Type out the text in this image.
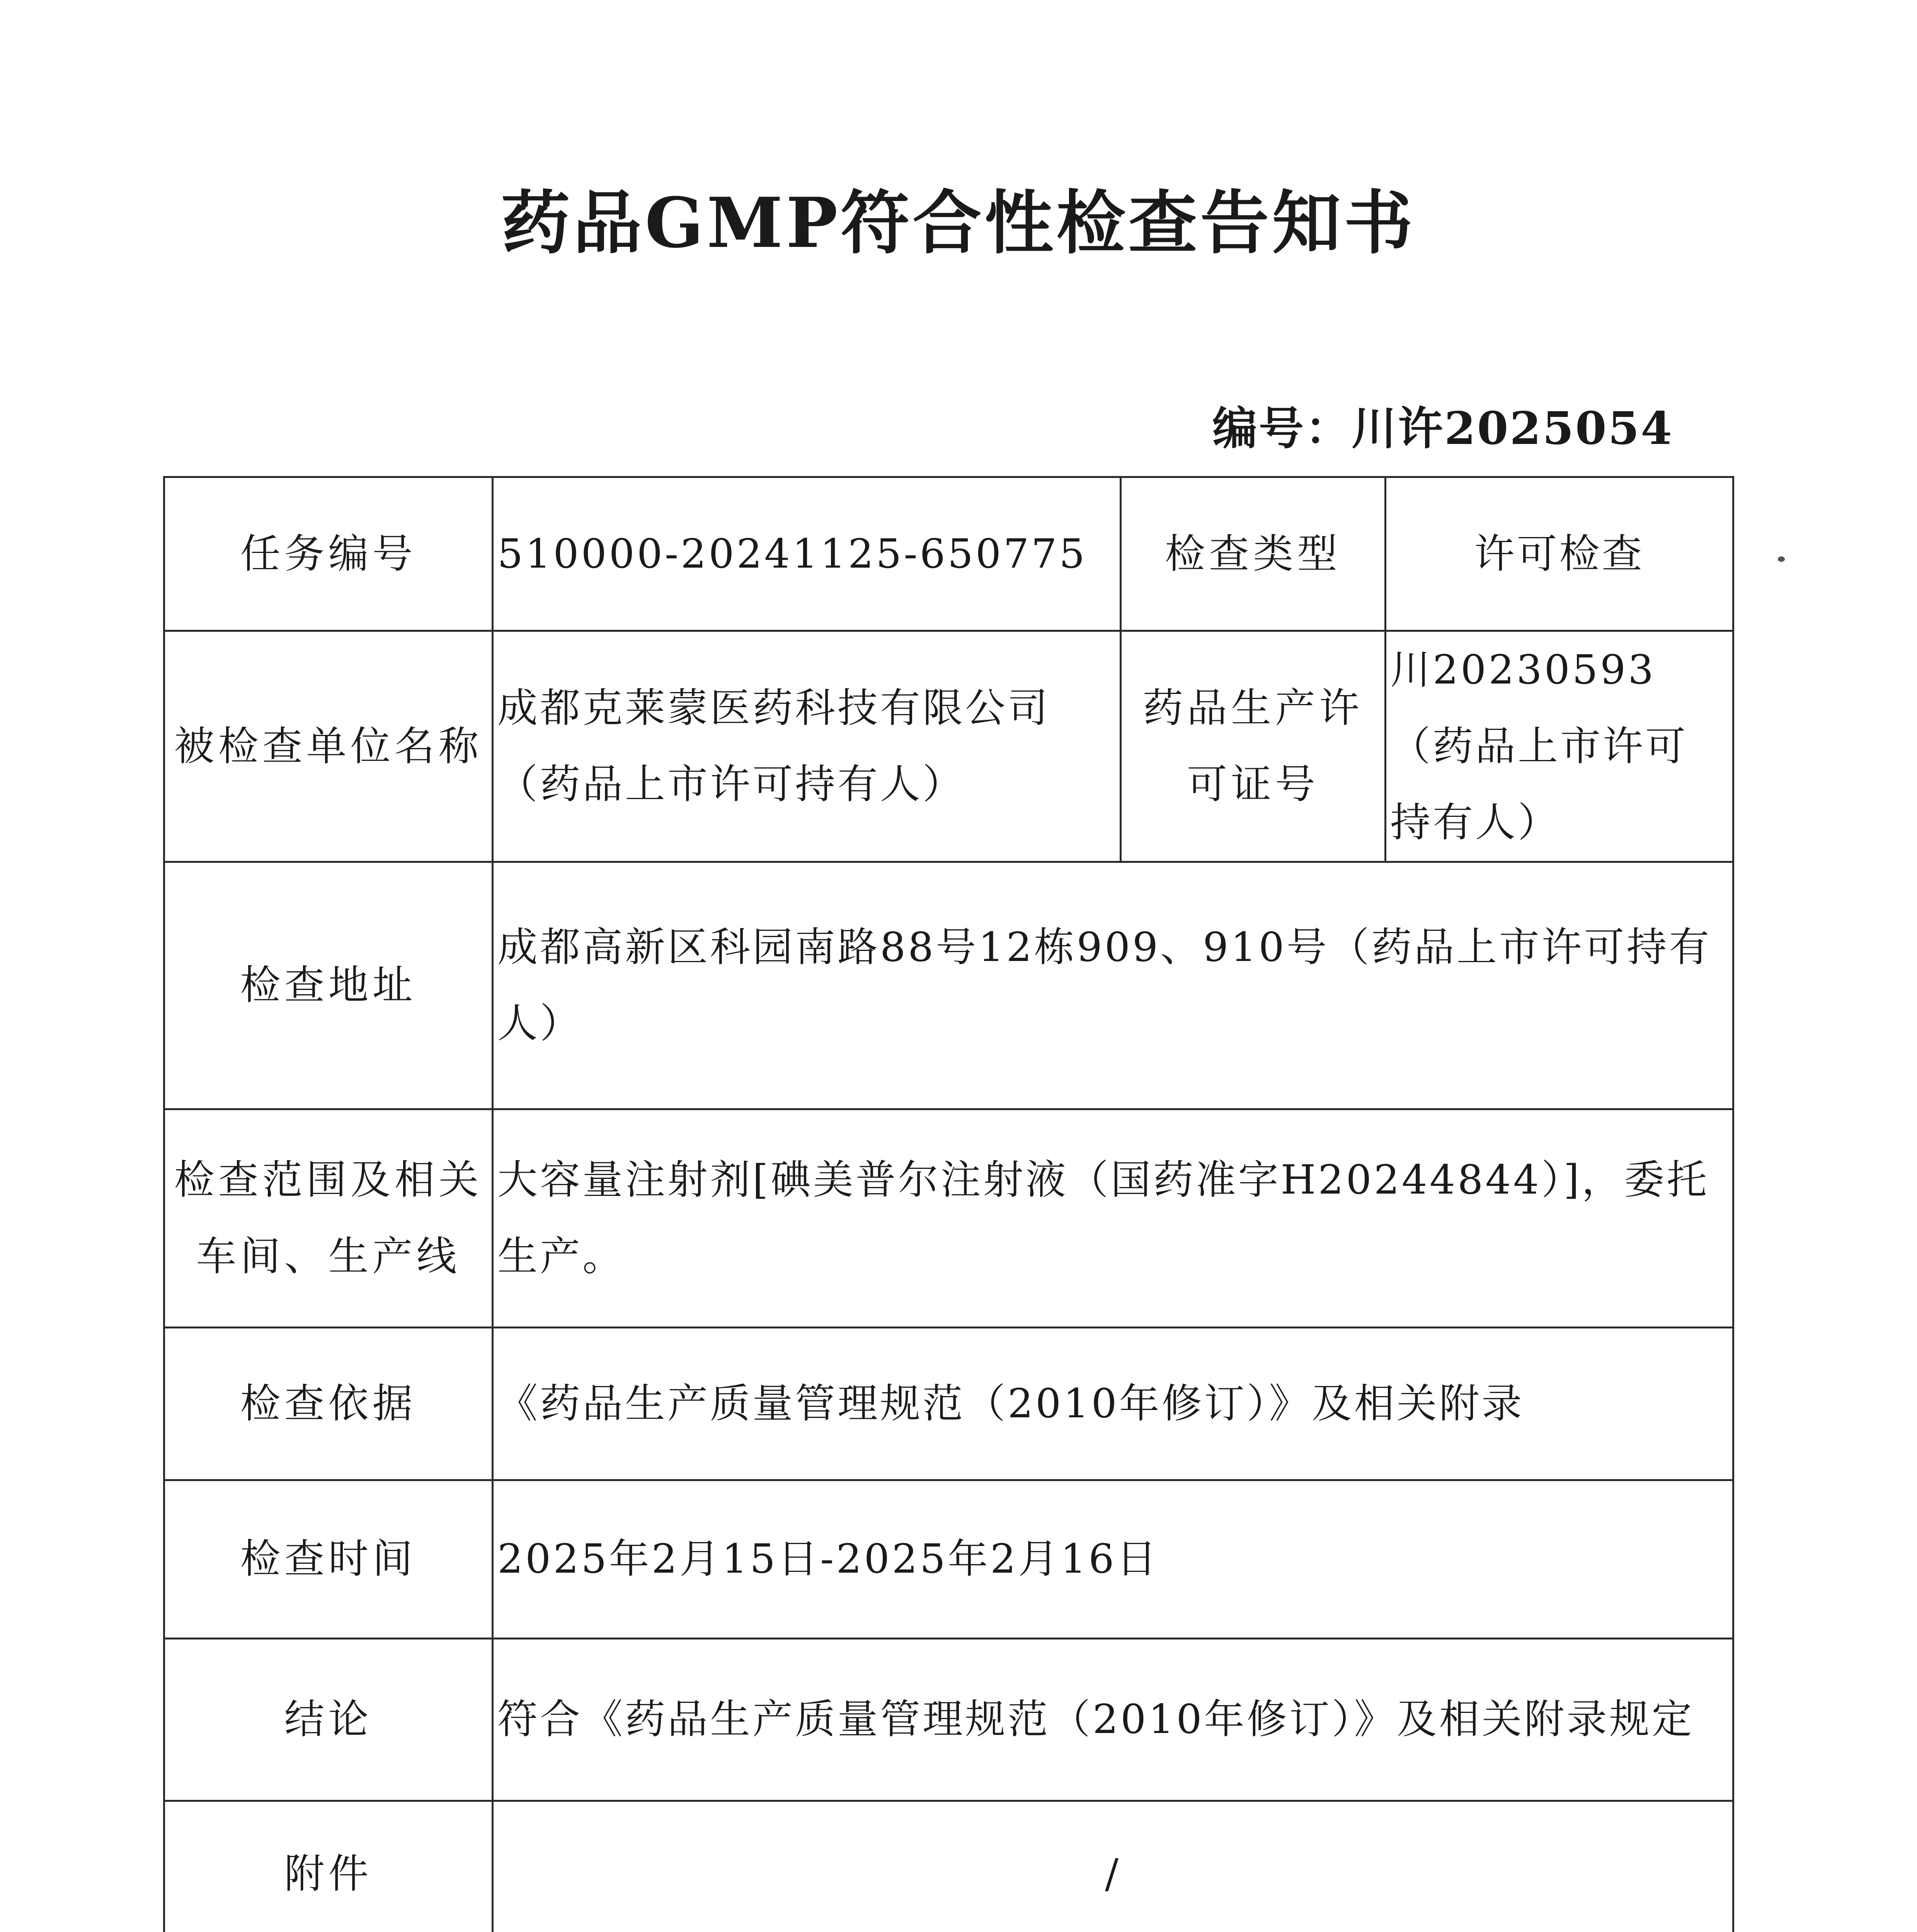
药品GMP符合性检查告知书
编号：川许2025054
任务编号	510000-20241125-650775	检查类型	许可检查
被检查单位名称	成都克莱蒙医药科技有限公司（药品上市许可持有人）	药品生产许可证号	川20230593（药品上市许可持有人）
检查地址	成都高新区科园南路88号12栋909、910号（药品上市许可持有人）		
检查范围及相关车间、生产线	大容量注射剂[碘美普尔注射液（国药准字H20244844）]，委托生产。		
检查依据	《药品生产质量管理规范（2010年修订）》及相关附录		
检查时间	2025年2月15日-2025年2月16日		
结论	符合《药品生产质量管理规范（2010年修订）》及相关附录规定		
附件	/		
